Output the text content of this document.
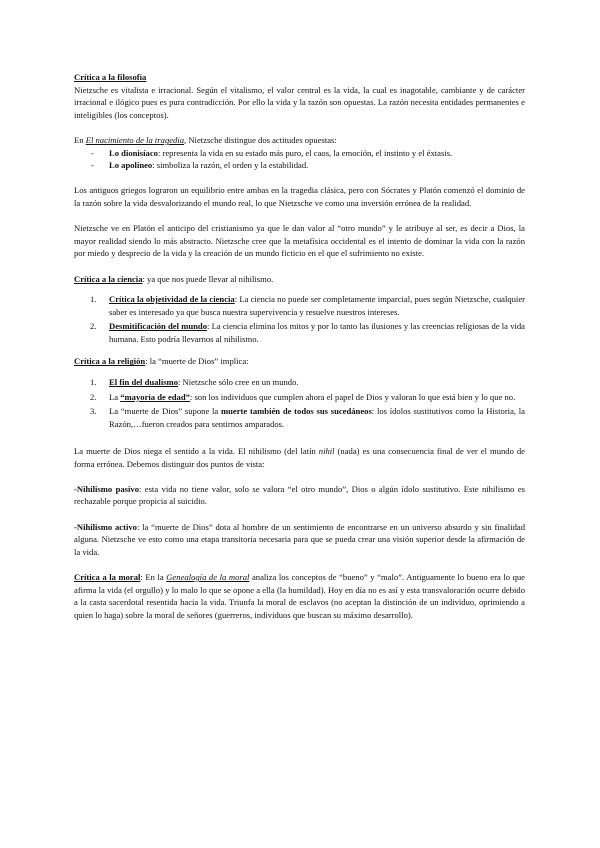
Crítica a la filosofía

Nietzsche es vitalista e irracional. Según el vitalismo, el valor central es la vida, la cual es inagotable, cambiante y de carácter irracional e ilógico pues es pura contradicción. Por ello la vida y la razón son opuestas. La razón necesita entidades permanentes e inteligibles (los conceptos).

En El nacimiento de la tragedia, Nietzsche distingue dos actitudes opuestas:

- Lo dionisíaco: representa la vida en su estado más puro, el caos, la emoción, el instinto y el éxtasis.
- Lo apolíneo: simboliza la razón, el orden y la estabilidad.

Los antiguos griegos lograron un equilibrio entre ambas en la tragedia clásica, pero con Sócrates y Platón comenzó el dominio de la razón sobre la vida desvalorizando el mundo real, lo que Nietzsche ve como una inversión errónea de la realidad.

Nietzsche ve en Platón el anticipo del cristianismo ya que le dan valor al “otro mundo” y le atribuye al ser, es decir a Dios, la mayor realidad siendo lo más abstracto. Nietzsche cree que la metafísica occidental es el intento de dominar la vida con la razón por miedo y desprecio de la vida y la creación de un mundo ficticio en el que el sufrimiento no existe.

Crítica a la ciencia: ya que nos puede llevar al nihilismo.

1. Crítica la objetividad de la ciencia: La ciencia no puede ser completamente imparcial, pues según Nietzsche, cualquier saber es interesado ya que busca nuestra supervivencia y resuelve nuestros intereses.
2. Desmitificación del mundo: La ciencia elimina los mitos y por lo tanto las ilusiones y las creencias religiosas de la vida humana. Esto podría llevarnos al nihilismo.

Crítica a la religión: la “muerte de Dios” implica:

1. El fin del dualismo: Nietzsche sólo cree en un mundo.
2. La “mayoría de edad”: son los individuos que cumplen ahora el papel de Dios y valoran lo que está bien y lo que no.
3. La “muerte de Dios” supone la muerte también de todos sus sucedáneos: los ídolos sustitutivos como la Historia, la Razón,…fueron creados para sentirnos amparados.

La muerte de Dios niega el sentido a la vida. El nihilismo (del latín nihil (nada) es una consecuencia final de ver el mundo de forma errónea. Debemos distinguir dos puntos de vista:

-Nihilismo pasivo: esta vida no tiene valor, solo se valora “el otro mundo”, Dios o algún ídolo sustitutivo. Este nihilismo es rechazable porque propicia al suicidio.

-Nihilismo activo: la “muerte de Dios” dota al hombre de un sentimiento de encontrarse en un universo absurdo y sin finalidad alguna. Nietzsche ve esto como una etapa transitoria necesaria para que se pueda crear una visión superior desde la afirmación de la vida.

Crítica a la moral: En la Genealogía de la moral analiza los conceptos de “bueno” y “malo”. Antiguamente lo bueno era lo que afirma la vida (el orgullo) y lo malo lo que se opone a ella (la humildad). Hoy en día no es así y esta transvaloración ocurre debido a la casta sacerdotal resentida hacia la vida. Triunfa la moral de esclavos (no aceptan la distinción de un individuo, oprimiendo a quien lo haga) sobre la moral de señores (guerreros, individuos que buscan su máximo desarrollo).
